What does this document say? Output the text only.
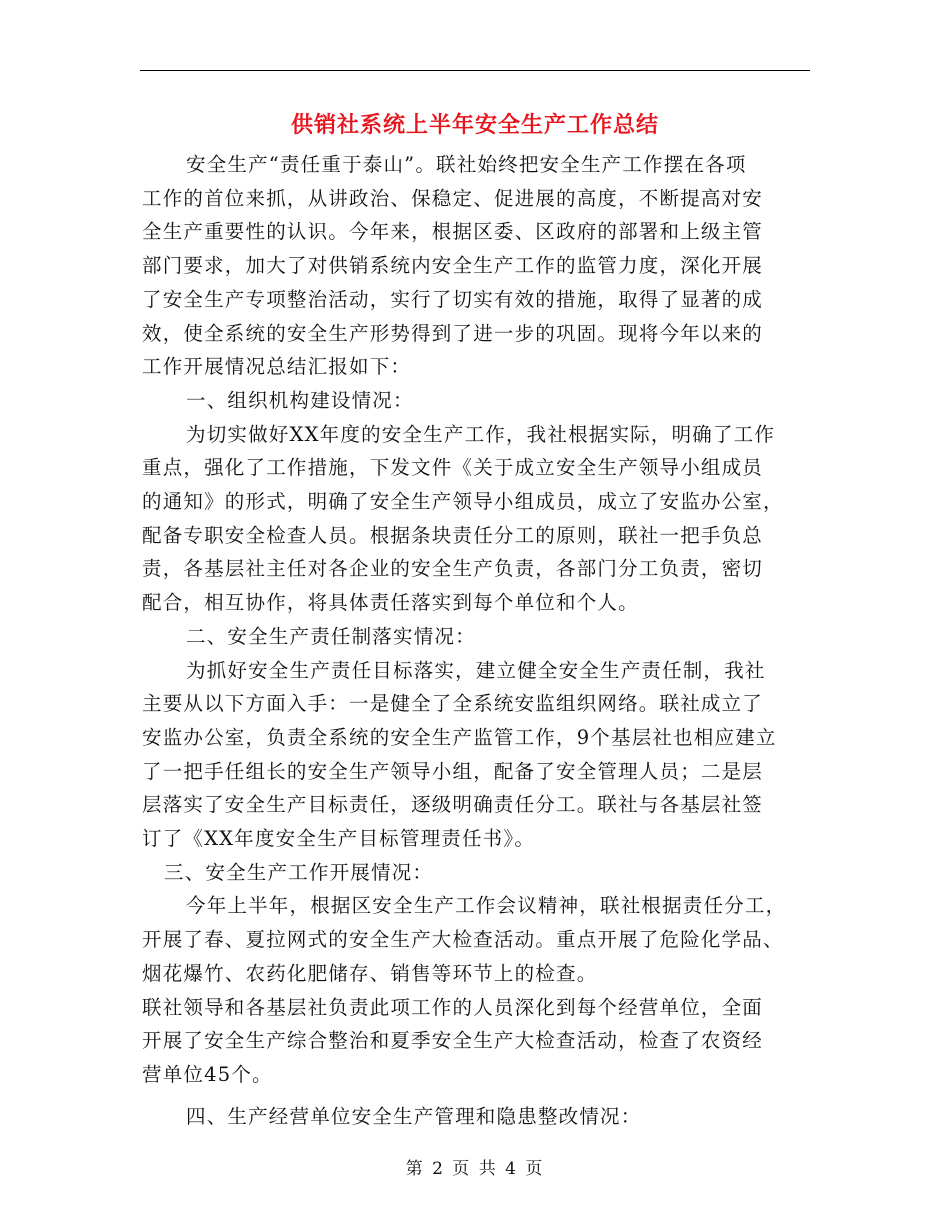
供销社系统上半年安全生产工作总结

安全生产“责任重于泰山”。联社始终把安全生产工作摆在各项
工作的首位来抓，从讲政治、保稳定、促进展的高度，不断提高对安
全生产重要性的认识。今年来，根据区委、区政府的部署和上级主管
部门要求，加大了对供销系统内安全生产工作的监管力度，深化开展
了安全生产专项整治活动，实行了切实有效的措施，取得了显著的成
效，使全系统的安全生产形势得到了进一步的巩固。现将今年以来的
工作开展情况总结汇报如下：

一、组织机构建设情况：

为切实做好XX年度的安全生产工作，我社根据实际，明确了工作
重点，强化了工作措施，下发文件《关于成立安全生产领导小组成员
的通知》的形式，明确了安全生产领导小组成员，成立了安监办公室，
配备专职安全检查人员。根据条块责任分工的原则，联社一把手负总
责，各基层社主任对各企业的安全生产负责，各部门分工负责，密切
配合，相互协作，将具体责任落实到每个单位和个人。

二、安全生产责任制落实情况：

为抓好安全生产责任目标落实，建立健全安全生产责任制，我社
主要从以下方面入手：一是健全了全系统安监组织网络。联社成立了
安监办公室，负责全系统的安全生产监管工作，9个基层社也相应建立
了一把手任组长的安全生产领导小组，配备了安全管理人员；二是层
层落实了安全生产目标责任，逐级明确责任分工。联社与各基层社签
订了《XX年度安全生产目标管理责任书》。

三、安全生产工作开展情况：

今年上半年，根据区安全生产工作会议精神，联社根据责任分工，
开展了春、夏拉网式的安全生产大检查活动。重点开展了危险化学品、
烟花爆竹、农药化肥储存、销售等环节上的检查。

联社领导和各基层社负责此项工作的人员深化到每个经营单位，全面
开展了安全生产综合整治和夏季安全生产大检查活动，检查了农资经
营单位45个。

四、生产经营单位安全生产管理和隐患整改情况：

第 2 页 共 4 页
